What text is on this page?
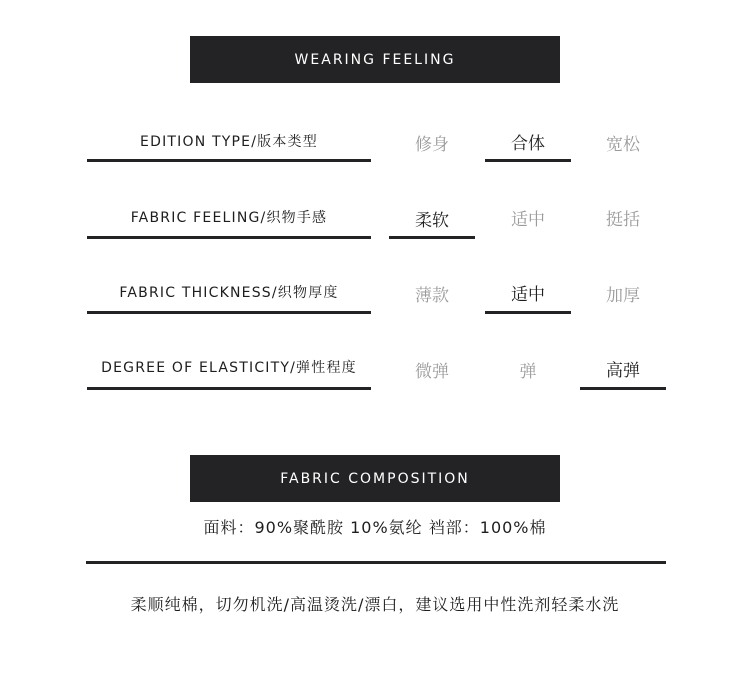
WEARING FEELING
EDITION TYPE/版本类型	修身	合体	宽松
FABRIC FEELING/织物手感	柔软	适中	挺括
FABRIC THICKNESS/织物厚度	薄款	适中	加厚
DEGREE OF ELASTICITY/弹性程度	微弹	弹	高弹
FABRIC COMPOSITION
面料：90%聚酰胺 10%氨纶 裆部：100%棉
柔顺纯棉，切勿机洗/高温烫洗/漂白，建议选用中性洗剂轻柔水洗
